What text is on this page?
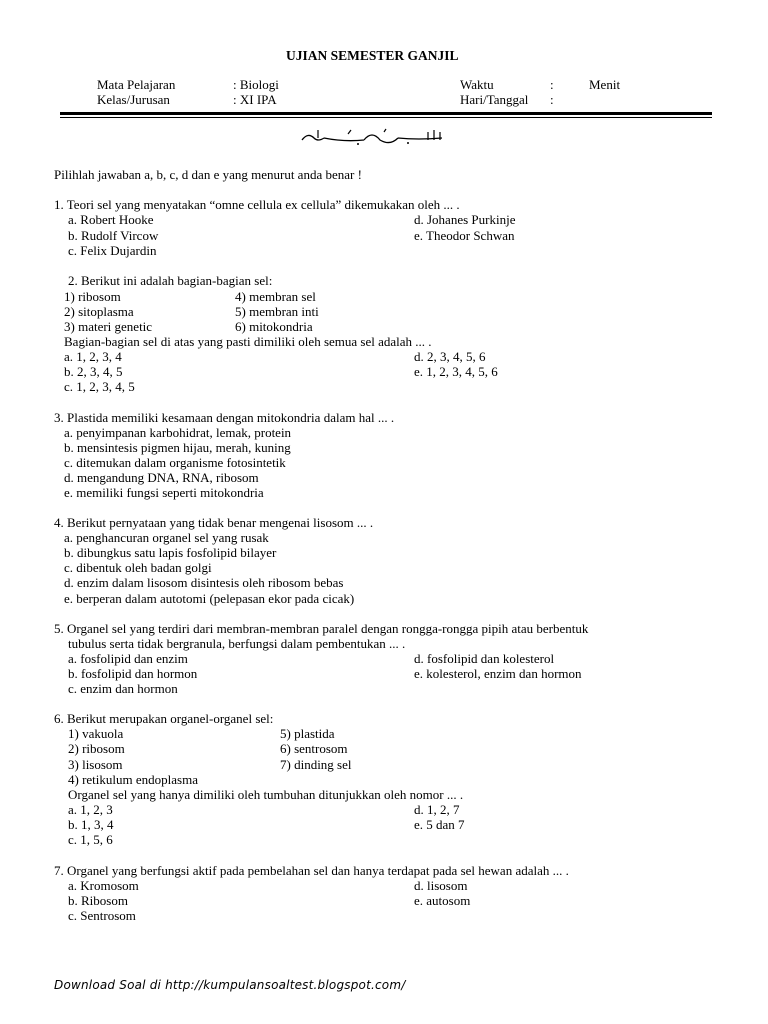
UJIAN SEMESTER GANJIL
Mata Pelajaran	: Biologi	Waktu	:	Menit
Kelas/Jurusan	: XI IPA	Hari/Tanggal :
Pilihlah jawaban a, b, c, d dan e yang menurut anda benar !
1. Teori sel yang menyatakan “omne cellula ex cellula” dikemukakan oleh ... .
a. Robert Hooke
b. Rudolf Vircow
c. Felix Dujardin
d. Johanes Purkinje
e. Theodor Schwan
2. Berikut ini adalah bagian-bagian sel:
1) ribosom
2) sitoplasma
3) materi genetic
4) membran sel
5) membran inti
6) mitokondria
Bagian-bagian sel di atas yang pasti dimiliki oleh semua sel adalah ... .
a. 1, 2, 3, 4
b. 2, 3, 4, 5
c. 1, 2, 3, 4, 5
d. 2, 3, 4, 5, 6
e. 1, 2, 3, 4, 5, 6
3. Plastida memiliki kesamaan dengan mitokondria dalam hal ... .
a. penyimpanan karbohidrat, lemak, protein
b. mensintesis pigmen hijau, merah, kuning
c. ditemukan dalam organisme fotosintetik
d. mengandung DNA, RNA, ribosom
e. memiliki fungsi seperti mitokondria
4. Berikut pernyataan yang tidak benar mengenai lisosom ... .
a. penghancuran organel sel yang rusak
b. dibungkus satu lapis fosfolipid bilayer
c. dibentuk oleh badan golgi
d. enzim dalam lisosom disintesis oleh ribosom bebas
e. berperan dalam autotomi (pelepasan ekor pada cicak)
5. Organel sel yang terdiri dari membran-membran paralel dengan rongga-rongga pipih atau berbentuk
tubulus serta tidak bergranula, berfungsi dalam pembentukan ... .
a. fosfolipid dan enzim
b. fosfolipid dan hormon
c. enzim dan hormon
d. fosfolipid dan kolesterol
e. kolesterol, enzim dan hormon
6. Berikut merupakan organel-organel sel:
1) vakuola
2) ribosom
3) lisosom
4) retikulum endoplasma
5) plastida
6) sentrosom
7) dinding sel
Organel sel yang hanya dimiliki oleh tumbuhan ditunjukkan oleh nomor ... .
a. 1, 2, 3
b. 1, 3, 4
c. 1, 5, 6
d. 1, 2, 7
e. 5 dan 7
7. Organel yang berfungsi aktif pada pembelahan sel dan hanya terdapat pada sel hewan adalah ... .
a. Kromosom
b. Ribosom
c. Sentrosom
d. lisosom
e. autosom
Download Soal di http://kumpulansoaltest.blogspot.com/
